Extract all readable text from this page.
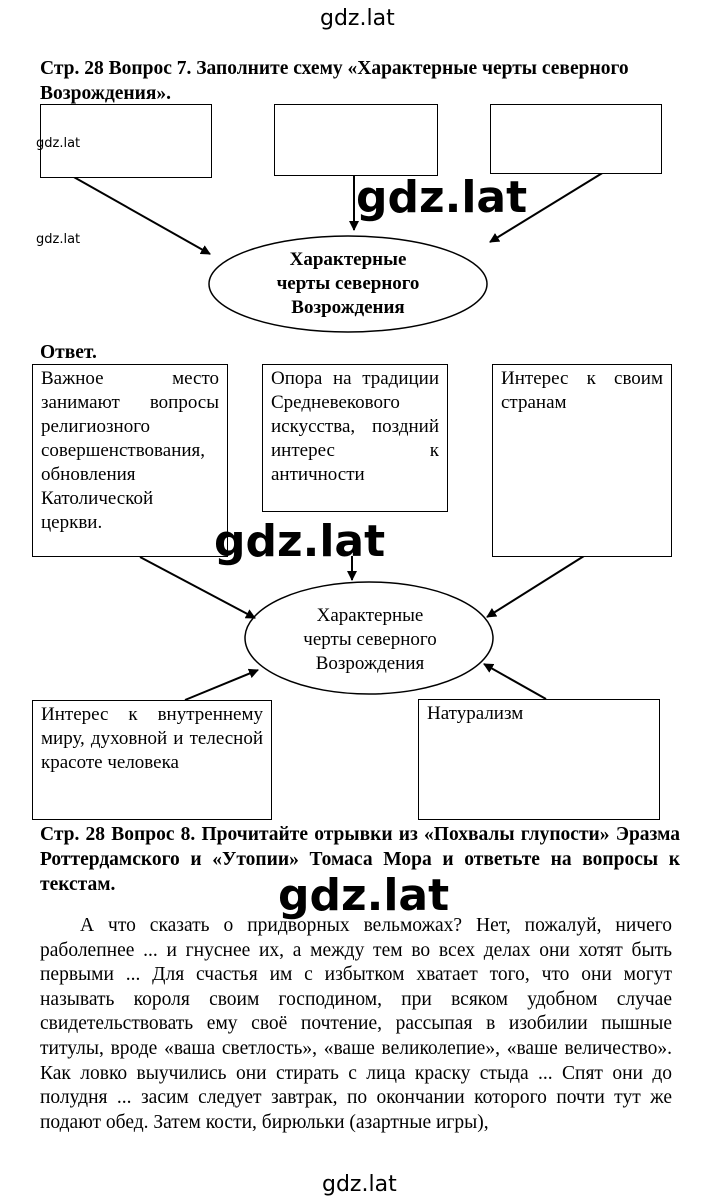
gdz.lat
Стр. 28 Вопрос 7. Заполните схему «Характерные черты северного Возрождения».
gdz.lat
gdz.lat
gdz.lat
Характерные
черты северного
Возрождения
Ответ.
Важное место занимают вопросы религиозного совершенствования, обновления Католической церкви.
Опора на традиции Средневекового искусства, поздний интерес к античности
Интерес к своим странам
gdz.lat
Характерные
черты северного
Возрождения
Интерес к внутреннему миру, духовной и телесной красоте человека
Натурализм
Стр. 28 Вопрос 8. Прочитайте отрывки из «Похвалы глупости» Эразма Роттердамского и «Утопии» Томаса Мора и ответьте на вопросы к текстам.	gdz.lat

А что сказать о придворных вельможах? Нет, пожалуй, ничего раболепнее ... и гнуснее их, а между тем во всех делах они хотят быть первыми ... Для счастья им с избытком хватает того, что они могут называть короля своим господином, при всяком удобном случае свидетельствовать ему своё почтение, рассыпая в изобилии пышные титулы, вроде «ваша светлость», «ваше великолепие», «ваше величество». Как ловко выучились они стирать с лица краску стыда ... Спят они до полудня ... засим следует завтрак, по окончании которого почти тут же подают обед. Затем кости, бирюльки (азартные игры),

gdz.lat
